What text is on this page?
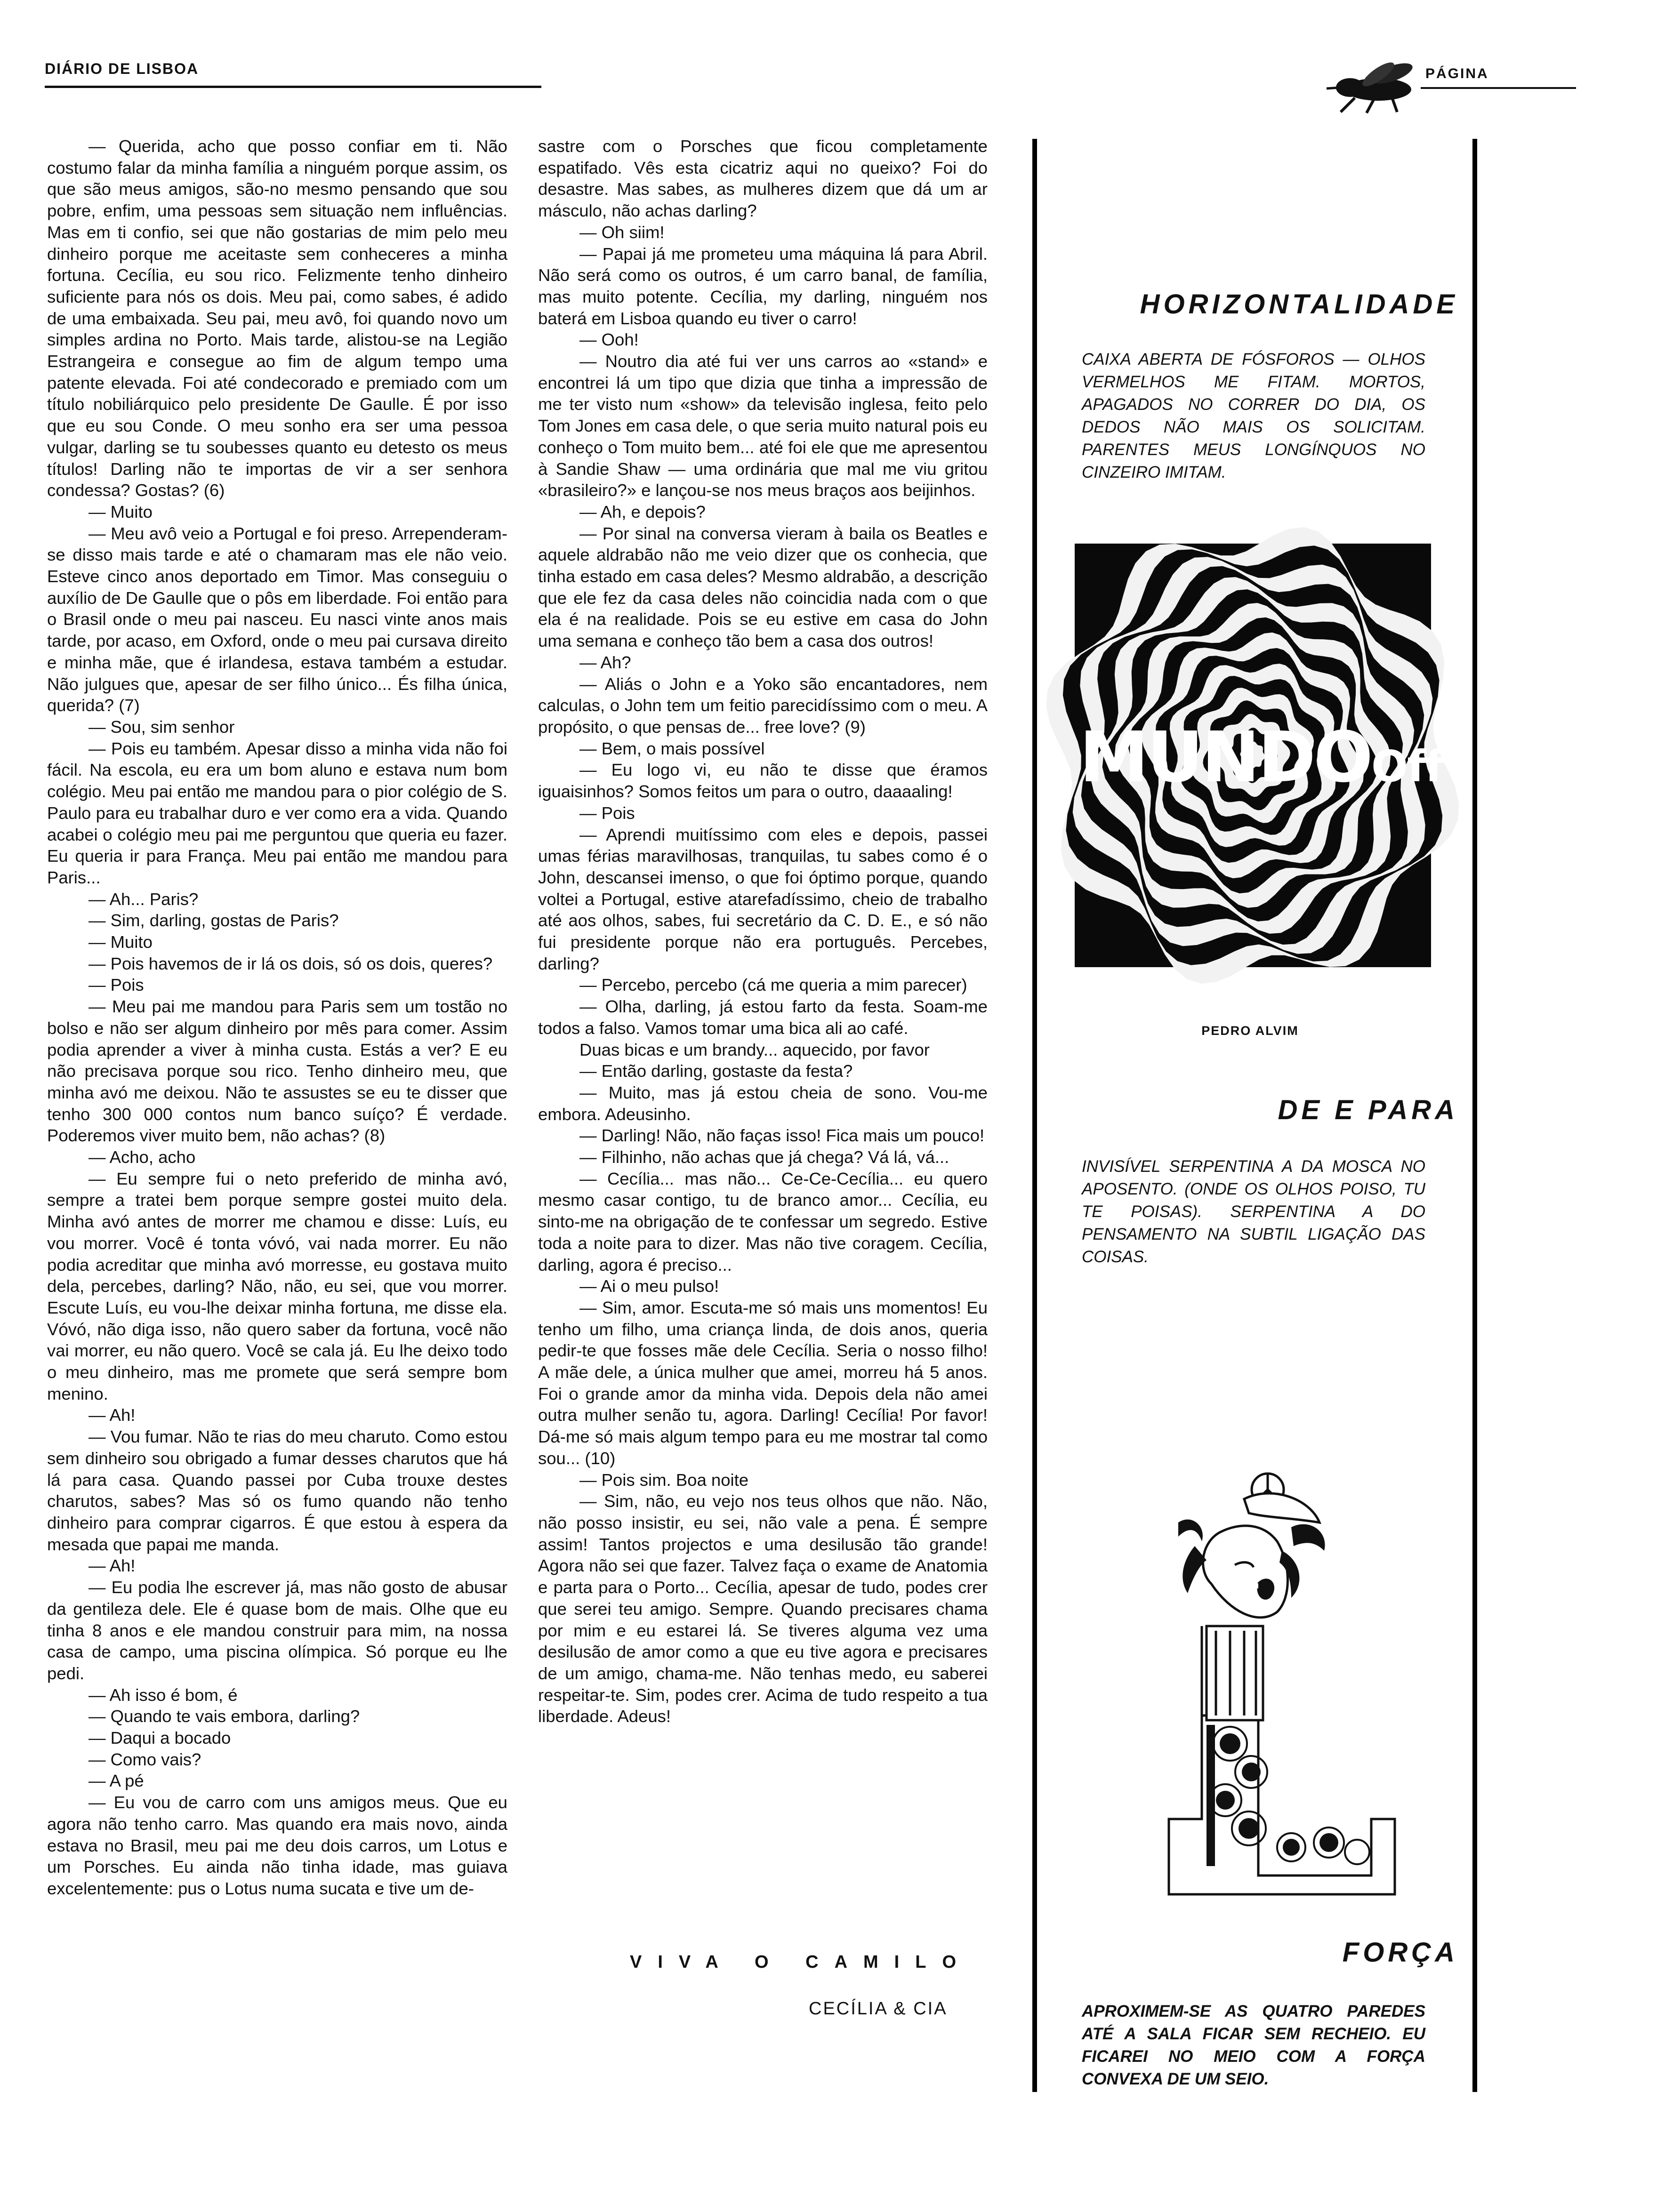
DIÁRIO DE LISBOA	PÁGINA

— Querida, acho que posso confiar em ti. Não costumo falar da minha família a ninguém porque assim, os que são meus amigos, são-no mesmo pensando que sou pobre, enfim, uma pessoas sem situação nem influências. Mas em ti confio, sei que não gostarias de mim pelo meu dinheiro porque me aceitaste sem conheceres a minha fortuna. Cecília, eu sou rico. Felizmente tenho dinheiro suficiente para nós os dois. Meu pai, como sabes, é adido de uma embaixada. Seu pai, meu avô, foi quando novo um simples ardina no Porto. Mais tarde, alistou-se na Legião Estrangeira e consegue ao fim de algum tempo uma patente elevada. Foi até condecorado e premiado com um título nobiliárquico pelo presidente De Gaulle. É por isso que eu sou Conde. O meu sonho era ser uma pessoa vulgar, darling se tu soubesses quanto eu detesto os meus títulos! Darling não te importas de vir a ser senhora condessa? Gostas? (6)

— Muito

— Meu avô veio a Portugal e foi preso. Arrependeram-se disso mais tarde e até o chamaram mas ele não veio. Esteve cinco anos deportado em Timor. Mas conseguiu o auxílio de De Gaulle que o pôs em liberdade. Foi então para o Brasil onde o meu pai nasceu. Eu nasci vinte anos mais tarde, por acaso, em Oxford, onde o meu pai cursava direito e minha mãe, que é irlandesa, estava também a estudar. Não julgues que, apesar de ser filho único... És filha única, querida? (7)

— Sou, sim senhor

— Pois eu também. Apesar disso a minha vida não foi fácil. Na escola, eu era um bom aluno e estava num bom colégio. Meu pai então me mandou para o pior colégio de S. Paulo para eu trabalhar duro e ver como era a vida. Quando acabei o colégio meu pai me perguntou que queria eu fazer. Eu queria ir para França. Meu pai então me mandou para Paris...

— Ah... Paris?

— Sim, darling, gostas de Paris?

— Muito

— Pois havemos de ir lá os dois, só os dois, queres?

— Pois

— Meu pai me mandou para Paris sem um tostão no bolso e não ser algum dinheiro por mês para comer. Assim podia aprender a viver à minha custa. Estás a ver? E eu não precisava porque sou rico. Tenho dinheiro meu, que minha avó me deixou. Não te assustes se eu te disser que tenho 300 000 contos num banco suíço? É verdade. Poderemos viver muito bem, não achas? (8)

— Acho, acho

— Eu sempre fui o neto preferido de minha avó, sempre a tratei bem porque sempre gostei muito dela. Minha avó antes de morrer me chamou e disse: Luís, eu vou morrer. Você é tonta vóvó, vai nada morrer. Eu não podia acreditar que minha avó morresse, eu gostava muito dela, percebes, darling? Não, não, eu sei, que vou morrer. Escute Luís, eu vou-lhe deixar minha fortuna, me disse ela. Vóvó, não diga isso, não quero saber da fortuna, você não vai morrer, eu não quero. Você se cala já. Eu lhe deixo todo o meu dinheiro, mas me promete que será sempre bom menino.

— Ah!

— Vou fumar. Não te rias do meu charuto. Como estou sem dinheiro sou obrigado a fumar desses charutos que há lá para casa. Quando passei por Cuba trouxe destes charutos, sabes? Mas só os fumo quando não tenho dinheiro para comprar cigarros. É que estou à espera da mesada que papai me manda.

— Ah!

— Eu podia lhe escrever já, mas não gosto de abusar da gentileza dele. Ele é quase bom de mais. Olhe que eu tinha 8 anos e ele mandou construir para mim, na nossa casa de campo, uma piscina olímpica. Só porque eu lhe pedi.

— Ah isso é bom, é

— Quando te vais embora, darling?

— Daqui a bocado

— Como vais?

— A pé

— Eu vou de carro com uns amigos meus. Que eu agora não tenho carro. Mas quando era mais novo, ainda estava no Brasil, meu pai me deu dois carros, um Lotus e um Porsches. Eu ainda não tinha idade, mas guiava excelentemente: pus o Lotus numa sucata e tive um de-

sastre com o Porsches que ficou completamente espatifado. Vês esta cicatriz aqui no queixo? Foi do desastre. Mas sabes, as mulheres dizem que dá um ar másculo, não achas darling?

— Oh siim!

— Papai já me prometeu uma máquina lá para Abril. Não será como os outros, é um carro banal, de família, mas muito potente. Cecília, my darling, ninguém nos baterá em Lisboa quando eu tiver o carro!

— Ooh!

— Noutro dia até fui ver uns carros ao «stand» e encontrei lá um tipo que dizia que tinha a impressão de me ter visto num «show» da televisão inglesa, feito pelo Tom Jones em casa dele, o que seria muito natural pois eu conheço o Tom muito bem... até foi ele que me apresentou à Sandie Shaw — uma ordinária que mal me viu gritou «brasileiro?» e lançou-se nos meus braços aos beijinhos.

— Ah, e depois?

— Por sinal na conversa vieram à baila os Beatles e aquele aldrabão não me veio dizer que os conhecia, que tinha estado em casa deles? Mesmo aldrabão, a descrição que ele fez da casa deles não coincidia nada com o que ela é na realidade. Pois se eu estive em casa do John uma semana e conheço tão bem a casa dos outros!

— Ah?

— Aliás o John e a Yoko são encantadores, nem calculas, o John tem um feitio parecidíssimo com o meu. A propósito, o que pensas de... free love? (9)

— Bem, o mais possível

— Eu logo vi, eu não te disse que éramos iguaisinhos? Somos feitos um para o outro, daaaaling!

— Pois

— Aprendi muitíssimo com eles e depois, passei umas férias maravilhosas, tranquilas, tu sabes como é o John, descansei imenso, o que foi óptimo porque, quando voltei a Portugal, estive atarefadíssimo, cheio de trabalho até aos olhos, sabes, fui secretário da C. D. E., e só não fui presidente porque não era português. Percebes, darling?

— Percebo, percebo (cá me queria a mim parecer)

— Olha, darling, já estou farto da festa. Soam-me todos a falso. Vamos tomar uma bica ali ao café.

Duas bicas e um brandy... aquecido, por favor

— Então darling, gostaste da festa?

— Muito, mas já estou cheia de sono. Vou-me embora. Adeusinho.

— Darling! Não, não faças isso! Fica mais um pouco!

— Filhinho, não achas que já chega? Vá lá, vá...

— Cecília... mas não... Ce-Ce-Cecília... eu quero mesmo casar contigo, tu de branco amor... Cecília, eu sinto-me na obrigação de te confessar um segredo. Estive toda a noite para to dizer. Mas não tive coragem. Cecília, darling, agora é preciso...

— Ai o meu pulso!

— Sim, amor. Escuta-me só mais uns momentos! Eu tenho um filho, uma criança linda, de dois anos, queria pedir-te que fosses mãe dele Cecília. Seria o nosso filho! A mãe dele, a única mulher que amei, morreu há 5 anos. Foi o grande amor da minha vida. Depois dela não amei outra mulher senão tu, agora. Darling! Cecília! Por favor! Dá-me só mais algum tempo para eu me mostrar tal como sou... (10)

— Pois sim. Boa noite

— Sim, não, eu vejo nos teus olhos que não. Não, não posso insistir, eu sei, não vale a pena. É sempre assim! Tantos projectos e uma desilusão tão grande! Agora não sei que fazer. Talvez faça o exame de Anatomia e parta para o Porto... Cecília, apesar de tudo, podes crer que serei teu amigo. Sempre. Quando precisares chama por mim e eu estarei lá. Se tiveres alguma vez uma desilusão de amor como a que eu tive agora e precisares de um amigo, chama-me. Não tenhas medo, eu saberei respeitar-te. Sim, podes crer. Acima de tudo respeito a tua liberdade. Adeus!

VIVA O CAMILO
CECÍLIA & CIA
HORIZONTALIDADE
CAIXA ABERTA DE FÓSFOROS — OLHOS VERMELHOS ME FITAM. MORTOS, APAGADOS NO CORRER DO DIA, OS DEDOS NÃO MAIS OS SOLICITAM. PARENTES MEUS LONGÍNQUOS NO CINZEIRO IMITAM.
MUNDOOff
PEDRO ALVIM
DE E PARA
INVISÍVEL SERPENTINA A DA MOSCA NO APOSENTO. (ONDE OS OLHOS POISO, TU TE POISAS). SERPENTINA A DO PENSAMENTO NA SUBTIL LIGAÇÃO DAS COISAS.
FORÇA
APROXIMEM-SE AS QUATRO PAREDES ATÉ A SALA FICAR SEM RECHEIO. EU FICAREI NO MEIO COM A FORÇA CONVEXA DE UM SEIO.
